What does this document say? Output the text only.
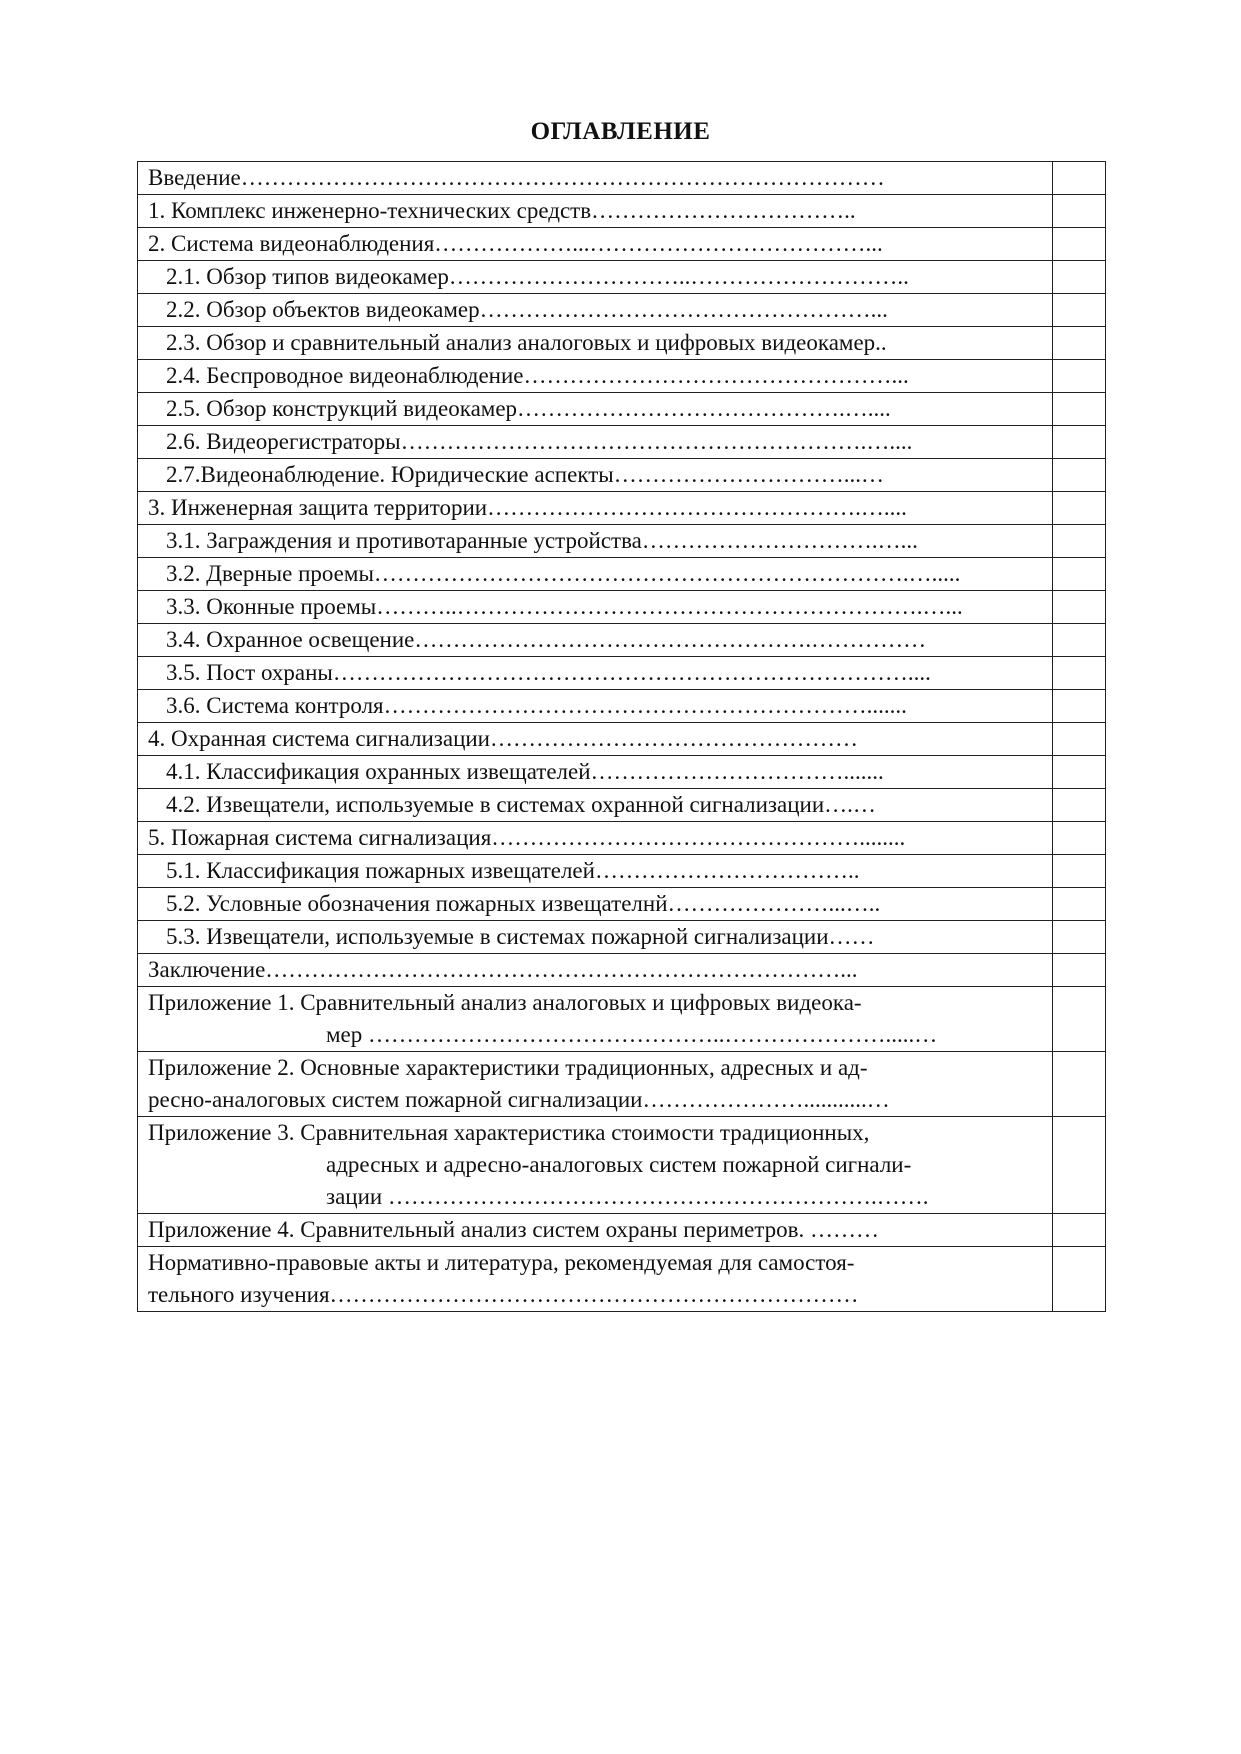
ОГЛАВЛЕНИЕ
Введение…………………………………………………………………………	
1. Комплекс инженерно-технических средств……………………………..	
2. Система видеонаблюдения………………...………………………………...	
2.1. Обзор типов видеокамер…………………………..………………………..	
2.2. Обзор объектов видеокамер……………………………………………...	
2.3. Обзор и сравнительный анализ аналоговых и цифровых видеокамер..	
2.4. Беспроводное видеонаблюдение…………………………………………...	
2.5. Обзор конструкций видеокамер…………………………………….…....	
2.6. Видеорегистраторы…………………………………………………….…....	
2.7.Видеонаблюдение. Юридические аспекты…………………………...…	
3. Инженерная защита территории………………………………………….…....	
3.1. Заграждения и противотаранные устройства………………………….…...	
3.2. Дверные проемы…………………………………………………………….….....	
3.3. Оконные проемы………..…………………………………………………….…...	
3.4. Охранное освещение…………………………………………….……………	
3.5. Пост охраны…………………………………………………………………....	
3.6. Система контроля……………………………………………………….......	
4. Охранная система сигнализации…………………………………………	
4.1. Классификация охранных извещателей…………………………….......	
4.2. Извещатели, используемые в системах охранной сигнализации….…	
5. Пожарная система сигнализация…………………………………………........	
5.1. Классификация пожарных извещателей……………………………..	
5.2. Условные обозначения пожарных извещателнй…………………...…..	
5.3. Извещатели, используемые в системах пожарной сигнализации……	
Заключение…………………………………………………………………...	

Приложение 1. Сравнительный анализ аналоговых и цифровых видеока-
мер ………………………………………..………………….....…	

Приложение 2. Основные характеристики традиционных, адресных и ад-
ресно-аналоговых систем пожарной сигнализации…………………...........…	

Приложение 3. Сравнительная характеристика стоимости традиционных,
адресных и адресно-аналоговых систем пожарной сигнали-
зации ……………………………………………………….…….	

Приложение 4. Сравнительный анализ систем охраны периметров. ………	

Нормативно-правовые акты и литература, рекомендуемая для самостоя-
тельного изучения……………………………………………………………	
